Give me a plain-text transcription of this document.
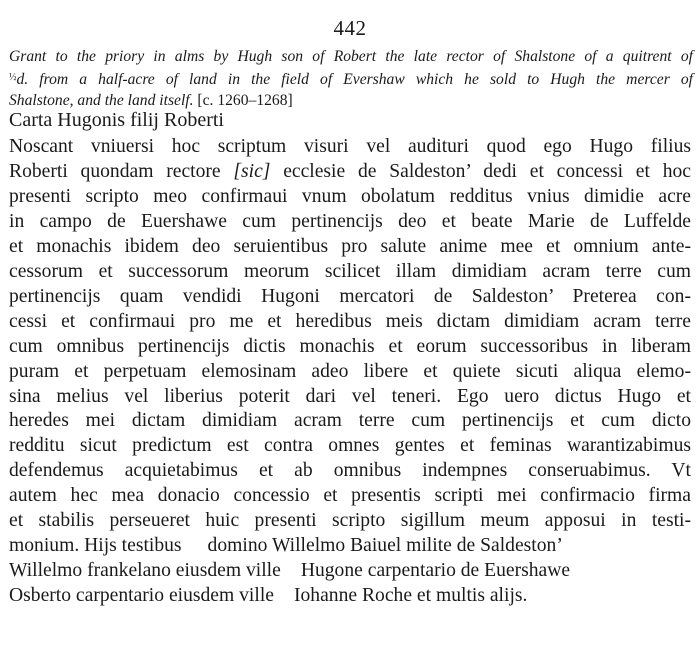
442
Grant to the priory in alms by Hugh son of Robert the late rector of Shalstone of a quitrent of
$^{\frac{1}{2}}$d. from a half-acre of land in the field of Evershaw which he sold to Hugh the mercer of
Shalstone, and the land itself. [c. 1260–1268]
Carta Hugonis filij Roberti
Noscant vniuersi hoc scriptum visuri vel audituri quod ego Hugo filius
Roberti quondam rectore [sic] ecclesie de Saldeston’ dedi et concessi et hoc
presenti scripto meo confirmaui vnum obolatum redditus vnius dimidie acre
in campo de Euershawe cum pertinencijs deo et beate Marie de Luffelde
et monachis ibidem deo seruientibus pro salute anime mee et omnium ante-
cessorum et successorum meorum scilicet illam dimidiam acram terre cum
pertinencijs quam vendidi Hugoni mercatori de Saldeston’ Preterea con-
cessi et confirmaui pro me et heredibus meis dictam dimidiam acram terre
cum omnibus pertinencijs dictis monachis et eorum successoribus in liberam
puram et perpetuam elemosinam adeo libere et quiete sicuti aliqua elemo-
sina melius vel liberius poterit dari vel teneri. Ego uero dictus Hugo et
heredes mei dictam dimidiam acram terre cum pertinencijs et cum dicto
redditu sicut predictum est contra omnes gentes et feminas warantizabimus
defendemus acquietabimus et ab omnibus indempnes conseruabimus. Vt
autem hec mea donacio concessio et presentis scripti mei confirmacio firma
et stabilis perseueret huic presenti scripto sigillum meum apposui in testi-
monium. Hijs testibus domino Willelmo Baiuel milite de Saldeston’
Willelmo frankelano eiusdem ville Hugone carpentario de Euershawe
Osberto carpentario eiusdem ville Iohanne Roche et multis alijs.
